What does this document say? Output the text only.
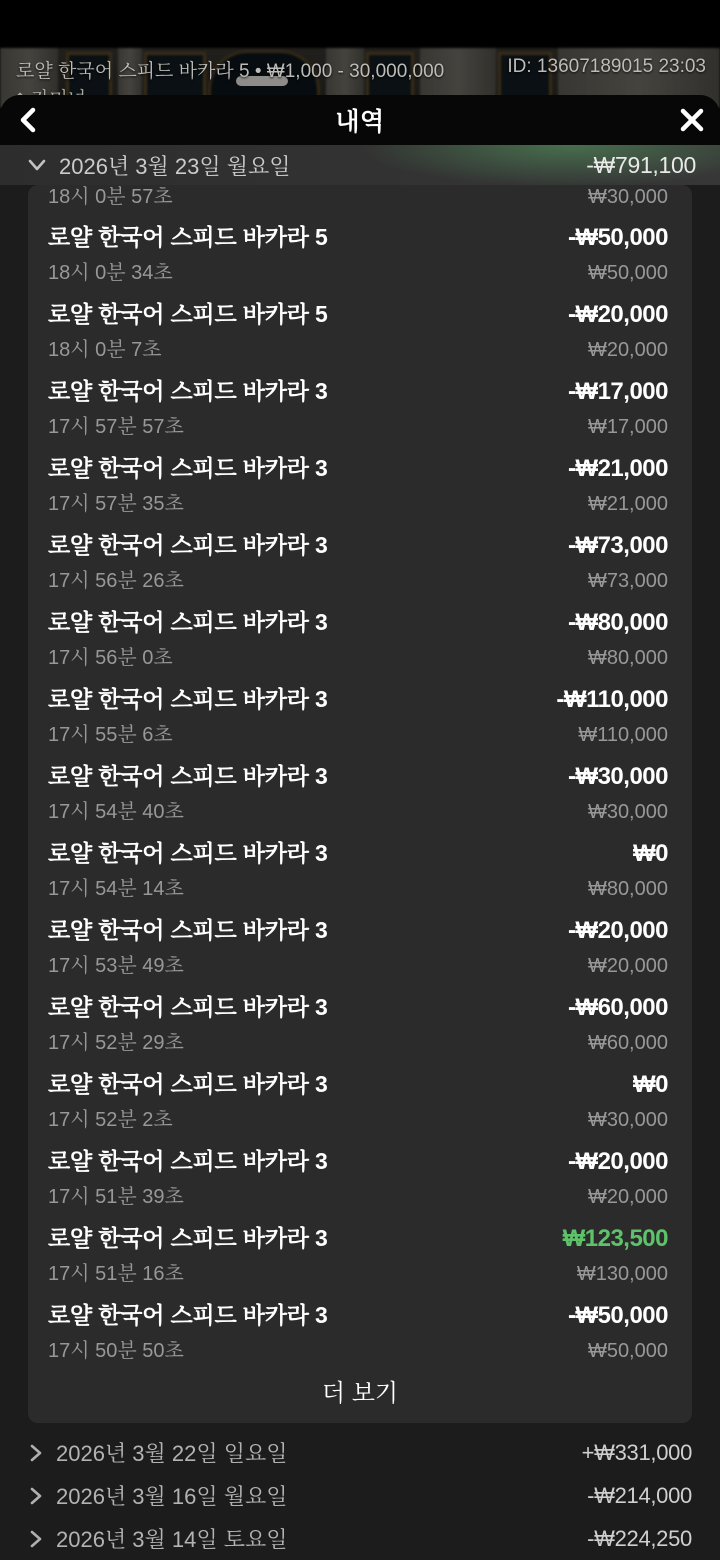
로얄 한국어 스피드 바카라 5 • ₩1,000 - 30,000,000	ID: 13607189015 23:03
내역
2026년 3월 23일 월요일	-₩791,100
18시 0분 57초	₩30,000
로얄 한국어 스피드 바카라 5	-₩50,000
18시 0분 34초	₩50,000
로얄 한국어 스피드 바카라 5	-₩20,000
18시 0분 7초	₩20,000
로얄 한국어 스피드 바카라 3	-₩17,000
17시 57분 57초	₩17,000
로얄 한국어 스피드 바카라 3	-₩21,000
17시 57분 35초	₩21,000
로얄 한국어 스피드 바카라 3	-₩73,000
17시 56분 26초	₩73,000
로얄 한국어 스피드 바카라 3	-₩80,000
17시 56분 0초	₩80,000
로얄 한국어 스피드 바카라 3	-₩110,000
17시 55분 6초	₩110,000
로얄 한국어 스피드 바카라 3	-₩30,000
17시 54분 40초	₩30,000
로얄 한국어 스피드 바카라 3	₩0
17시 54분 14초	₩80,000
로얄 한국어 스피드 바카라 3	-₩20,000
17시 53분 49초	₩20,000
로얄 한국어 스피드 바카라 3	-₩60,000
17시 52분 29초	₩60,000
로얄 한국어 스피드 바카라 3	₩0
17시 52분 2초	₩30,000
로얄 한국어 스피드 바카라 3	-₩20,000
17시 51분 39초	₩20,000
로얄 한국어 스피드 바카라 3	₩123,500
17시 51분 16초	₩130,000
로얄 한국어 스피드 바카라 3	-₩50,000
17시 50분 50초	₩50,000
더 보기
2026년 3월 22일 일요일	+₩331,000
2026년 3월 16일 월요일	-₩214,000
2026년 3월 14일 토요일	-₩224,250
